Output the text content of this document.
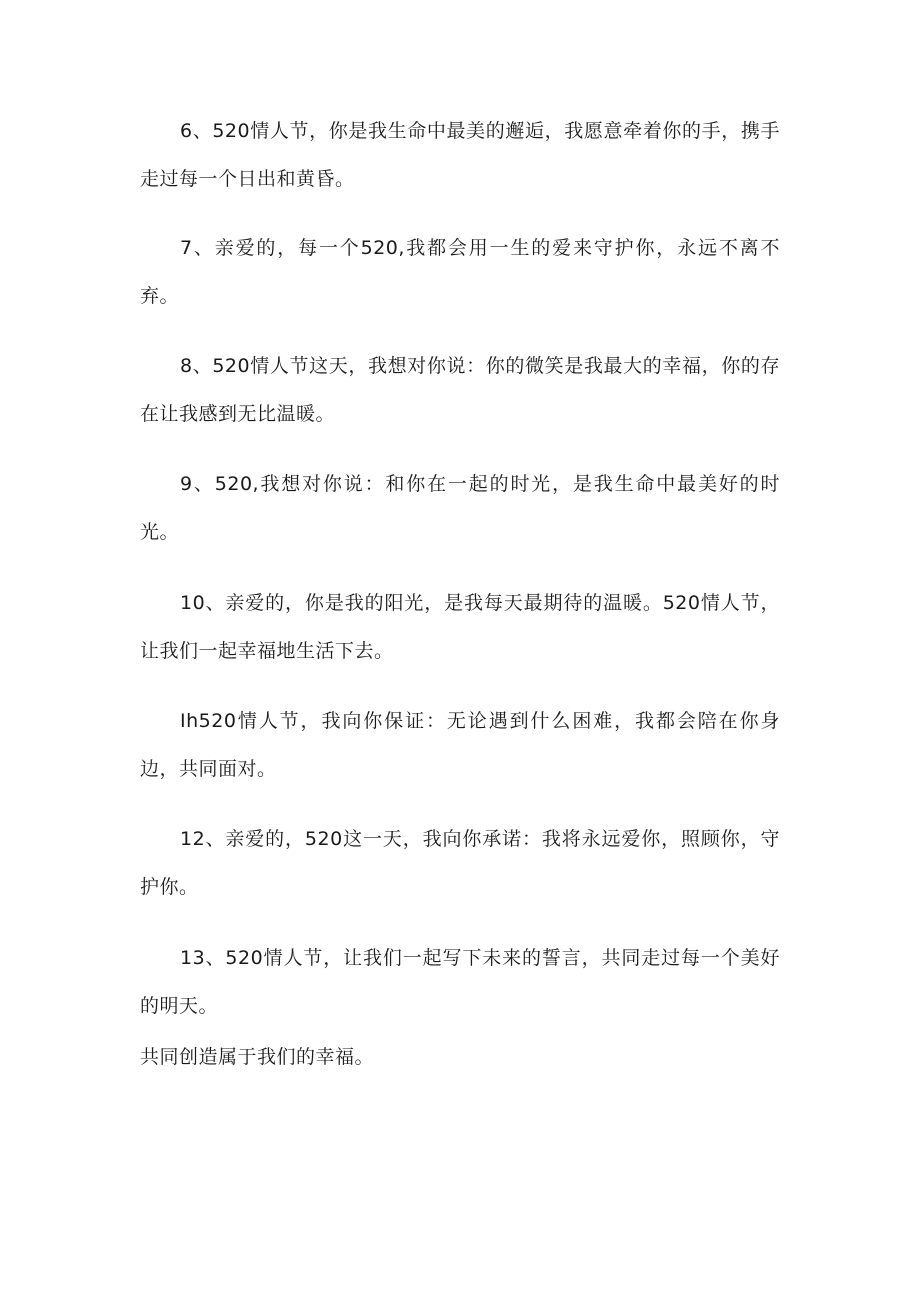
6、520情人节，你是我生命中最美的邂逅，我愿意牵着你的手，携手走过每一个日出和黄昏。

7、亲爱的，每一个520,我都会用一生的爱来守护你，永远不离不弃。

8、520情人节这天，我想对你说：你的微笑是我最大的幸福，你的存在让我感到无比温暖。

9、520,我想对你说：和你在一起的时光，是我生命中最美好的时光。

10、亲爱的，你是我的阳光，是我每天最期待的温暖。520情人节，让我们一起幸福地生活下去。

Ih520情人节，我向你保证：无论遇到什么困难，我都会陪在你身边，共同面对。

12、亲爱的，520这一天，我向你承诺：我将永远爱你，照顾你，守护你。

13、520情人节，让我们一起写下未来的誓言，共同走过每一个美好的明天。

共同创造属于我们的幸福。
